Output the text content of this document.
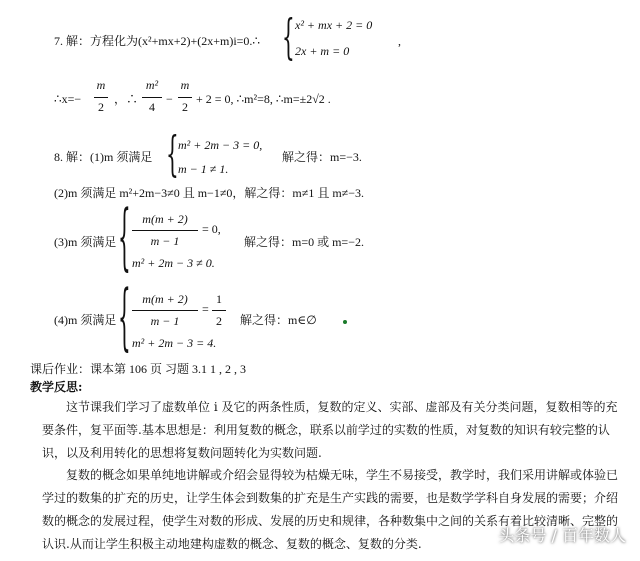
7. 解：方程化为(x²+mx+2)+(2x+m)i=0.∴ { x² + mx + 2 = 0
2x + m = 0
,
∴x=−
m
2
，∴
m²
4
−
m
2
+ 2 = 0, ∴m²=8, ∴m=±2√2 .
8. 解：(1)m 须满足 { m² + 2m − 3 = 0,
m − 1 ≠ 1.
解之得：m=−3.
(2)m 须满足 m²+2m−3≠0 且 m−1≠0，解之得：m≠1 且 m≠−3.
(3)m 须满足 { m(m + 2)
m − 1
= 0,
m² + 2m − 3 ≠ 0.
解之得：m=0 或 m=−2.
(4)m 须满足 { m(m + 2)
m − 1
=
1
2
m² + 2m − 3 = 4.
解之得：m∈∅
课后作业：课本第 106 页 习题 3.1 1 , 2 , 3
教学反思:
这节课我们学习了虚数单位 i 及它的两条性质，复数的定义、实部、虚部及有关分类问题，复数相等的充要条件，复平面等.基本思想是：利用复数的概念，联系以前学过的实数的性质，对复数的知识有较完整的认识，以及利用转化的思想将复数问题转化为实数问题.
复数的概念如果单纯地讲解或介绍会显得较为枯燥无味，学生不易接受，教学时，我们采用讲解或体验已学过的数集的扩充的历史，让学生体会到数集的扩充是生产实践的需要，也是数学学科自身发展的需要；介绍数的概念的发展过程，使学生对数的形成、发展的历史和规律，各种数集中之间的关系有着比较清晰、完整的认识.从而让学生积极主动地建构虚数的概念、复数的概念、复数的分类.	头条号 / 百年数人
